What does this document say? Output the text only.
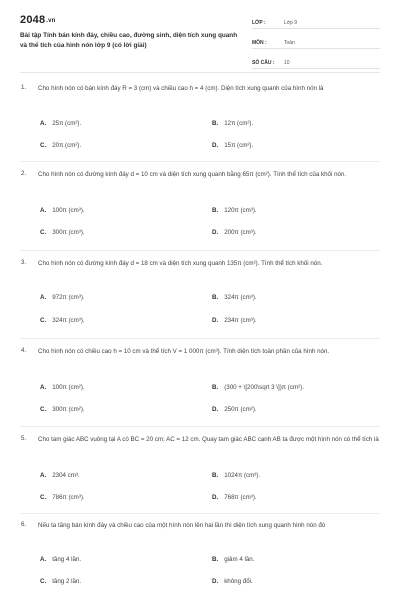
2048.vn
Bài tập Tính bán kính đáy, chiều cao, đường sinh, diện tích xung quanh và thể tích của hình nón lớp 9 (có lời giải)
LỚP :	Lớp 9
MÔN :	Toán
SỐ CÂU :	10
1. Cho hình nón có bán kính đáy R = 3 (cm) và chiều cao h = 4 (cm). Diện tích xung quanh của hình nón là
A. 25π (cm²).	B. 12π (cm²).
C. 20π (cm²).	D. 15π (cm²).
2. Cho hình nón có đường kính đáy d = 10 cm và diện tích xung quanh bằng 65π (cm²). Tính thể tích của khối nón.
A. 100π (cm³).	B. 120π (cm³).
C. 300π (cm³).	D. 200π (cm³).
3. Cho hình nón có đường kính đáy d = 18 cm và diện tích xung quanh 135π (cm²). Tính thể tích khối nón.
A. 972π (cm³).	B. 324π (cm³).
C. 324π (cm³).	D. 234π (cm³).
4. Cho hình nón có chiều cao h = 10 cm và thể tích V = 1 000π (cm³). Tính diện tích toàn phần của hình nón.
A. 100π (cm²).	B. (300 + \[200\sqrt 3 \])π (cm²).
C. 300π (cm²).	D. 250π (cm²).
5. Cho tam giác ABC vuông tại A có BC = 20 cm; AC = 12 cm. Quay tam giác ABC cạnh AB ta được một hình nón có thể tích là
A. 2304 cm³.	B. 1024π (cm³).
C. 786π (cm³).	D. 768π (cm³).
6. Nếu ta tăng bán kính đáy và chiều cao của một hình nón lên hai lần thì diện tích xung quanh hình nón đó
A. tăng 4 lần.	B. giảm 4 lần.
C. tăng 2 lần.	D. không đổi.
